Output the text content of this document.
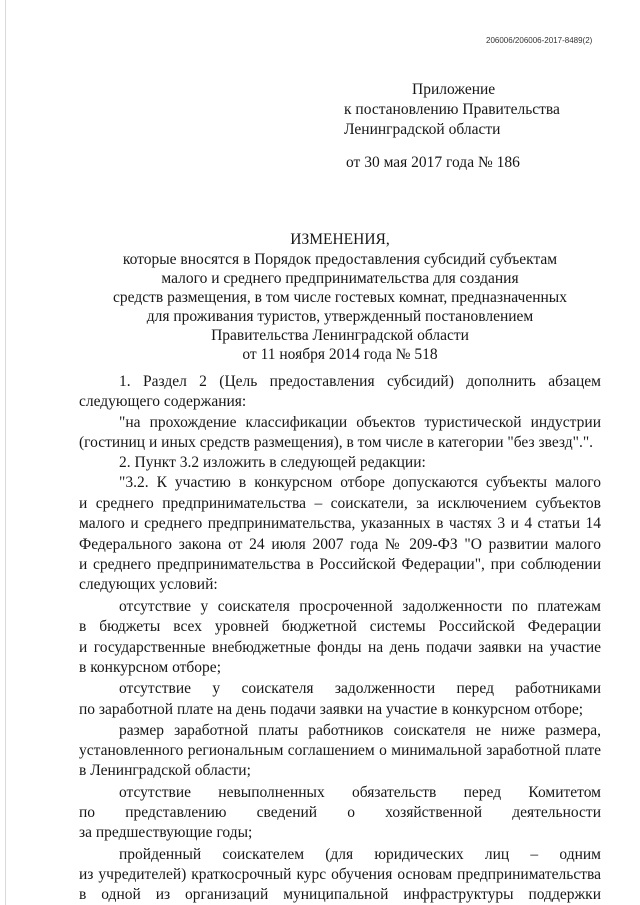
206006/206006-2017-8489(2)
Приложение
к постановлению Правительства
Ленинградской области
от 30 мая 2017 года № 186
ИЗМЕНЕНИЯ,
которые вносятся в Порядок предоставления субсидий субъектам
малого и среднего предпринимательства для создания
средств размещения, в том числе гостевых комнат, предназначенных
для проживания туристов, утвержденный постановлением
Правительства Ленинградской области
от 11 ноября 2014 года № 518
1. Раздел 2 (Цель предоставления субсидий) дополнить абзацем
следующего содержания:
"на прохождение классификации объектов туристической индустрии
(гостиниц и иных средств размещения), в том числе в категории "без звезд".".
2. Пункт 3.2 изложить в следующей редакции:
"3.2. К участию в конкурсном отборе допускаются субъекты малого
и среднего предпринимательства – соискатели, за исключением субъектов
малого и среднего предпринимательства, указанных в частях 3 и 4 статьи 14
Федерального закона от 24 июля 2007 года № 209-ФЗ "О развитии малого
и среднего предпринимательства в Российской Федерации", при соблюдении
следующих условий:
отсутствие у соискателя просроченной задолженности по платежам
в бюджеты всех уровней бюджетной системы Российской Федерации
и государственные внебюджетные фонды на день подачи заявки на участие
в конкурсном отборе;
отсутствие у соискателя задолженности перед работниками
по заработной плате на день подачи заявки на участие в конкурсном отборе;
размер заработной платы работников соискателя не ниже размера,
установленного региональным соглашением о минимальной заработной плате
в Ленинградской области;
отсутствие невыполненных обязательств перед Комитетом
по представлению сведений о хозяйственной деятельности
за предшествующие годы;
пройденный соискателем (для юридических лиц – одним
из учредителей) краткосрочный курс обучения основам предпринимательства
в одной из организаций муниципальной инфраструктуры поддержки
